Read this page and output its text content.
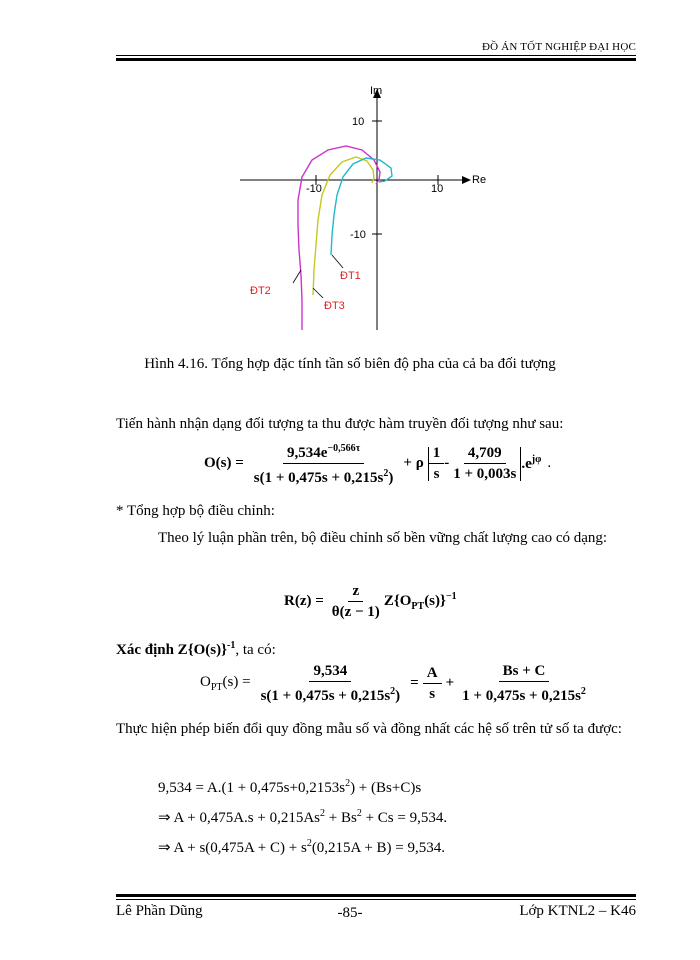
ĐỒ ÁN TỐT NGHIỆP ĐẠI HỌC
Im
Re
10
-10
-10	10
ĐT2
ĐT3
ĐT1
Hình 4.16. Tổng hợp đặc tính tần số biên độ pha của cả ba đối tượng
Tiến hành nhận dạng đối tượng ta thu được hàm truyền đối tượng như sau:
$O(s) = \frac{9,534e^{-0,566\tau}}{s(1 + 0,475s + 0,215s^2)} + \rho \frac{1}{s} - \frac{4,709}{1 + 0,003s} .e^{j\varphi}$ .
* Tổng hợp bộ điều chỉnh:
Theo lý luận phần trên, bộ điều chỉnh số bền vững chất lượng cao có dạng:
$R(z) = \frac{z}{\theta(z - 1)} Z\{O_{PT}(s)\}^{-1}$
Xác định $Z\{O(s)\}^{-1}$, ta có:
$O_{PT}(s) = \frac{9,534}{s(1 + 0,475s + 0,215s^2)} = \frac{A}{s} + \frac{Bs + C}{1 + 0,475s + 0,215s^2}$
Thực hiện phép biến đổi quy đồng mẫu số và đồng nhất các hệ số trên tử số ta được:
$9,534 = A.(1 + 0,475s+0,2153s^2) + (Bs+C)s$
⇒ $A + 0,475A.s + 0,215As^2 + Bs^2 + Cs = 9,534$.
⇒ $A + s(0,475A + C) + s^2(0,215A + B) = 9,534$.
Lê Phần Dũng	-85-	Lớp KTNL2 – K46
